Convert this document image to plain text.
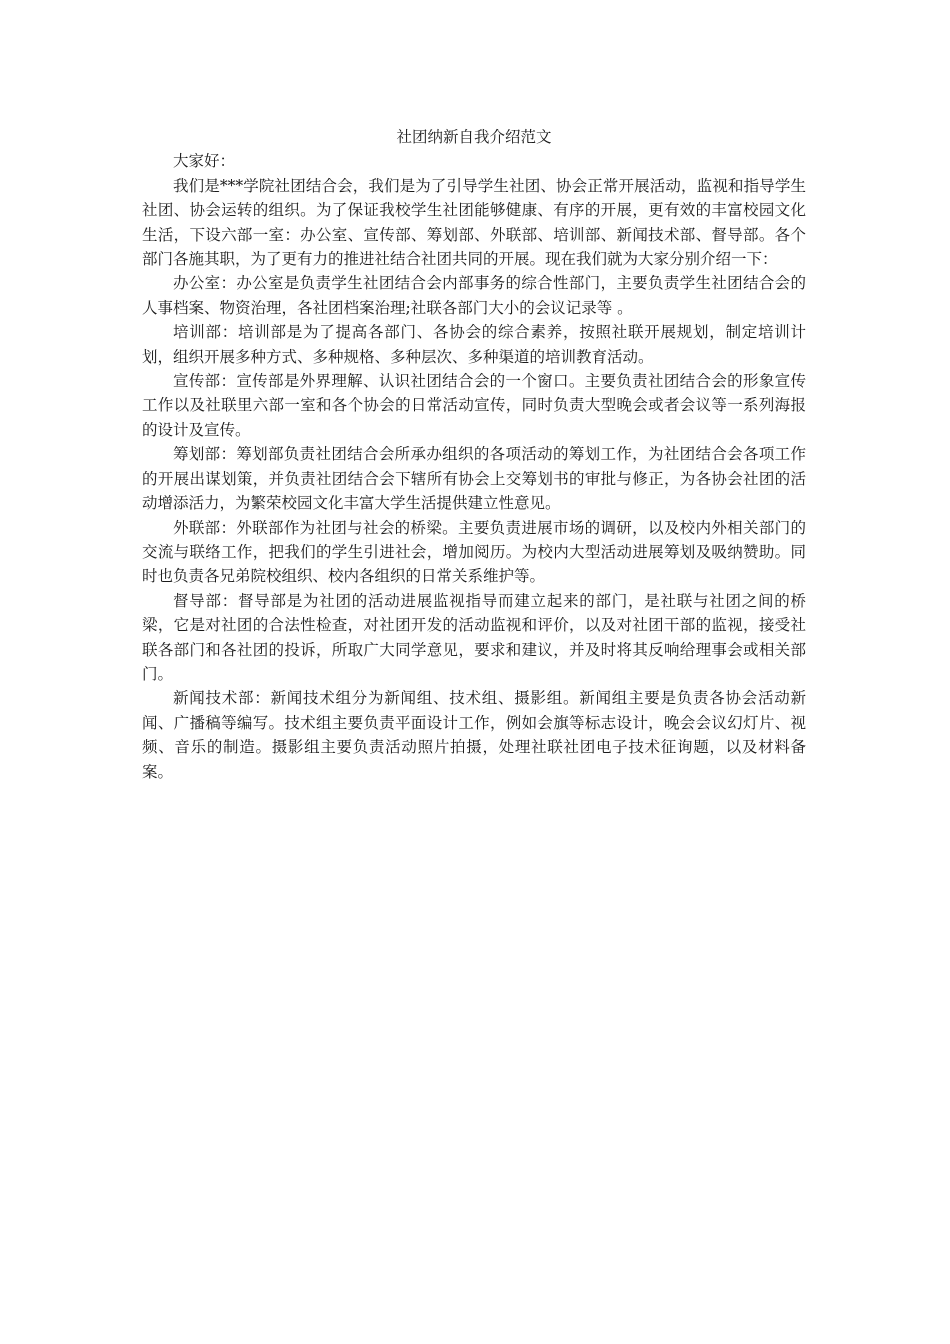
社团纳新自我介绍范文

大家好：

我们是***学院社团结合会，我们是为了引导学生社团、协会正常开展活动，监视和指导学生社团、协会运转的组织。为了保证我校学生社团能够健康、有序的开展，更有效的丰富校园文化生活，下设六部一室：办公室、宣传部、筹划部、外联部、培训部、新闻技术部、督导部。各个部门各施其职，为了更有力的推进社结合社团共同的开展。现在我们就为大家分别介绍一下：

办公室：办公室是负责学生社团结合会内部事务的综合性部门，主要负责学生社团结合会的人事档案、物资治理，各社团档案治理;社联各部门大小的会议记录等 。

培训部：培训部是为了提高各部门、各协会的综合素养，按照社联开展规划，制定培训计划，组织开展多种方式、多种规格、多种层次、多种渠道的培训教育活动。

宣传部：宣传部是外界理解、认识社团结合会的一个窗口。主要负责社团结合会的形象宣传工作以及社联里六部一室和各个协会的日常活动宣传，同时负责大型晚会或者会议等一系列海报的设计及宣传。

筹划部：筹划部负责社团结合会所承办组织的各项活动的筹划工作，为社团结合会各项工作的开展出谋划策，并负责社团结合会下辖所有协会上交筹划书的审批与修正，为各协会社团的活动增添活力，为繁荣校园文化丰富大学生活提供建立性意见。

外联部：外联部作为社团与社会的桥梁。主要负责进展市场的调研，以及校内外相关部门的交流与联络工作，把我们的学生引进社会，增加阅历。为校内大型活动进展筹划及吸纳赞助。同时也负责各兄弟院校组织、校内各组织的日常关系维护等。

督导部：督导部是为社团的活动进展监视指导而建立起来的部门，是社联与社团之间的桥梁，它是对社团的合法性检查，对社团开发的活动监视和评价，以及对社团干部的监视，接受社联各部门和各社团的投诉，所取广大同学意见，要求和建议，并及时将其反响给理事会或相关部门。

新闻技术部：新闻技术组分为新闻组、技术组、摄影组。新闻组主要是负责各协会活动新闻、广播稿等编写。技术组主要负责平面设计工作，例如会旗等标志设计，晚会会议幻灯片、视频、音乐的制造。摄影组主要负责活动照片拍摄，处理社联社团电子技术征询题，以及材料备案。
